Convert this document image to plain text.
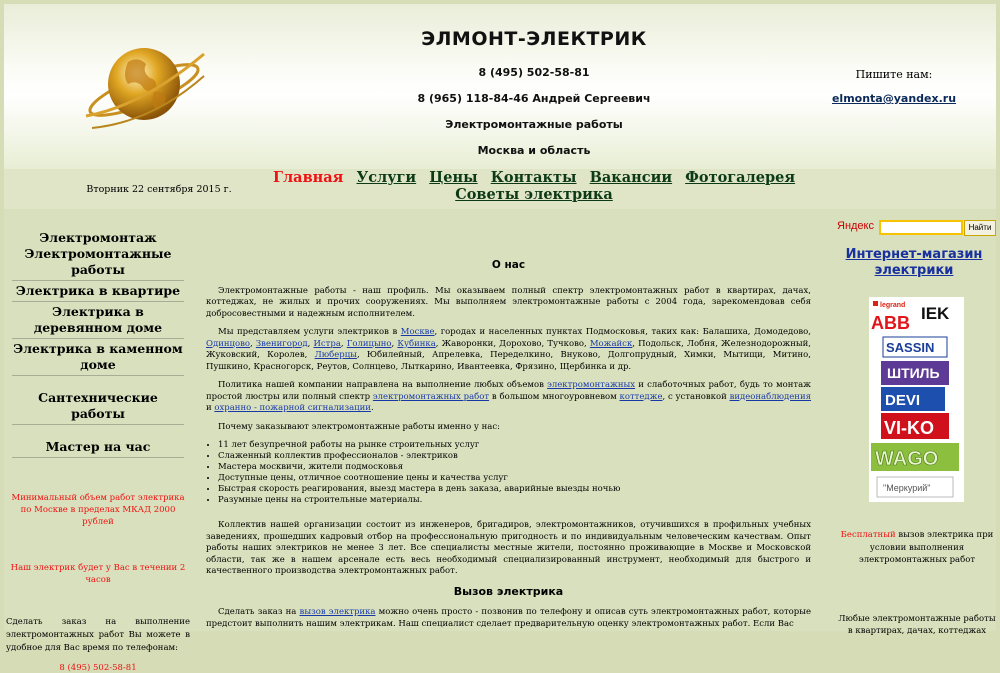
ЭЛМОНТ-ЭЛЕКТРИК
8 (495) 502-58-81
8 (965) 118-84-46 Андрей Сергеевич
Электромонтажные работы
Москва и область
Пишите нам:
elmonta@yandex.ru
Вторник 22 сентября 2015 г.
Главная Услуги Цены Контакты Вакансии Фотогалерея
Советы электрика
Электромонтаж Электромонтажные работы
Электрика в квартире
Электрика в деревянном доме
Электрика в каменном доме
Сантехнические работы
Мастер на час
Минимальный объем работ электрика по Москве в пределах МКАД 2000 рублей
Наш электрик будет у Вас в течении 2 часов
Сделать заказ на выполнение электромонтажных работ Вы можете в удобное для Вас время по телефонам:
8 (495) 502-58-81
О нас

Электромонтажные работы - наш профиль. Мы оказываем полный спектр электромонтажных работ в квартирах, дачах, коттеджах, не жилых и прочих сооружениях. Мы выполняем электромонтажные работы с 2004 года, зарекомендовав себя добросовестными и надежным исполнителем.

Мы представляем услуги электриков в Москве, городах и населенных пунктах Подмосковья, таких как: Балашиха, Домодедово, Одинцово, Звенигород, Истра, Голицыно, Кубинка, Жаворонки, Дорохово, Тучково, Можайск, Подольск, Лобня, Железнодорожный, Жуковский, Королев, Люберцы, Юбилейный, Апрелевка, Переделкино, Внуково, Долгопрудный, Химки, Мытищи, Митино, Пушкино, Красногорск, Реутов, Солнцево, Лыткарино, Ивантеевка, Фрязино, Щербинка и др.

Политика нашей компании направлена на выполнение любых объемов электромонтажных и слаботочных работ, будь то монтаж простой люстры или полный спектр электромонтажных работ в большом многоуровневом коттедже, с установкой видеонаблюдения и охранно - пожарной сигнализации.

Почему заказывают электромонтажные работы именно у нас:

• 11 лет безупречной работы на рынке строительных услуг
• Слаженный коллектив профессионалов - электриков
• Мастера москвичи, жители подмосковья
• Доступные цены, отличное соотношение цены и качества услуг
• Быстрая скорость реагирования, выезд мастера в день заказа, аварийные выезды ночью
• Разумные цены на строительные материалы.

Коллектив нашей организации состоит из инженеров, бригадиров, электромонтажников, отучившихся в профильных учебных заведениях, прошедших кадровый отбор на профессиональную пригодность и по индивидуальным человеческим качествам. Опыт работы наших электриков не менее 3 лет. Все специалисты местные жители, постоянно проживающие в Москве и Московской области, так же в нашем арсенале есть весь необходимый специализированный инструмент, необходимый для быстрого и качественного производства электромонтажных работ.

Вызов электрика

Сделать заказ на вызов электрика можно очень просто - позвонив по телефону и описав суть электромонтажных работ, которые предстоит выполнить нашим электрикам. Наш специалист сделает предварительную оценку электромонтажных работ. Если Вас

Яндекс	Найти
Интернет-магазин электрики
legrand
ABB IEK
SASSIN
ШТИЛЬ
DEVI
VI-KO
WAGO
"Меркурий"
Бесплатный вызов электрика при условии выполнения электромонтажных работ
Любые электромонтажные работы в квартирах, дачах, коттеджах
